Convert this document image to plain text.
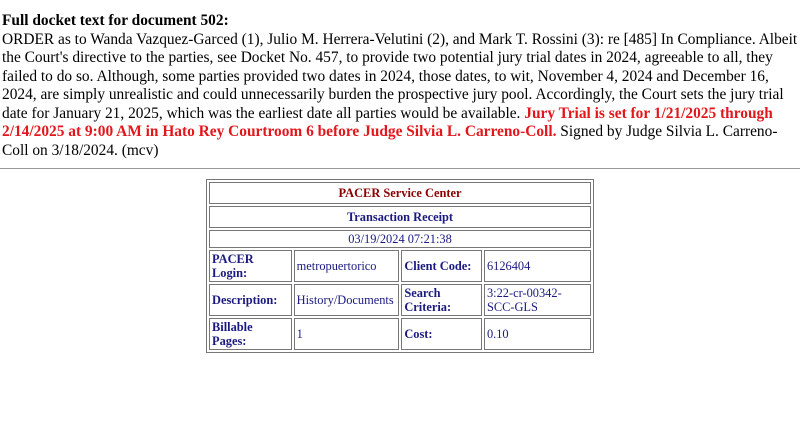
Full docket text for document 502:
ORDER as to Wanda Vazquez-Garced (1), Julio M. Herrera-Velutini (2), and Mark T. Rossini (3): re [485] In Compliance. Albeit the Court's directive to the parties, see Docket No. 457, to provide two potential jury trial dates in 2024, agreeable to all, they failed to do so. Although, some parties provided two dates in 2024, those dates, to wit, November 4, 2024 and December 16, 2024, are simply unrealistic and could unnecessarily burden the prospective jury pool. Accordingly, the Court sets the jury trial date for January 21, 2025, which was the earliest date all parties would be available. Jury Trial is set for 1/21/2025 through 2/14/2025 at 9:00 AM in Hato Rey Courtroom 6 before Judge Silvia L. Carreno-Coll. Signed by Judge Silvia L. Carreno-Coll on 3/18/2024. (mcv)
PACER Service Center			
Transaction Receipt			
03/19/2024 07:21:38			
PACER Login:	metropuertorico	Client Code:	6126404
Description:	History/Documents	Search Criteria:	3:22-cr-00342-SCC-GLS
Billable Pages:	1	Cost:	0.10
